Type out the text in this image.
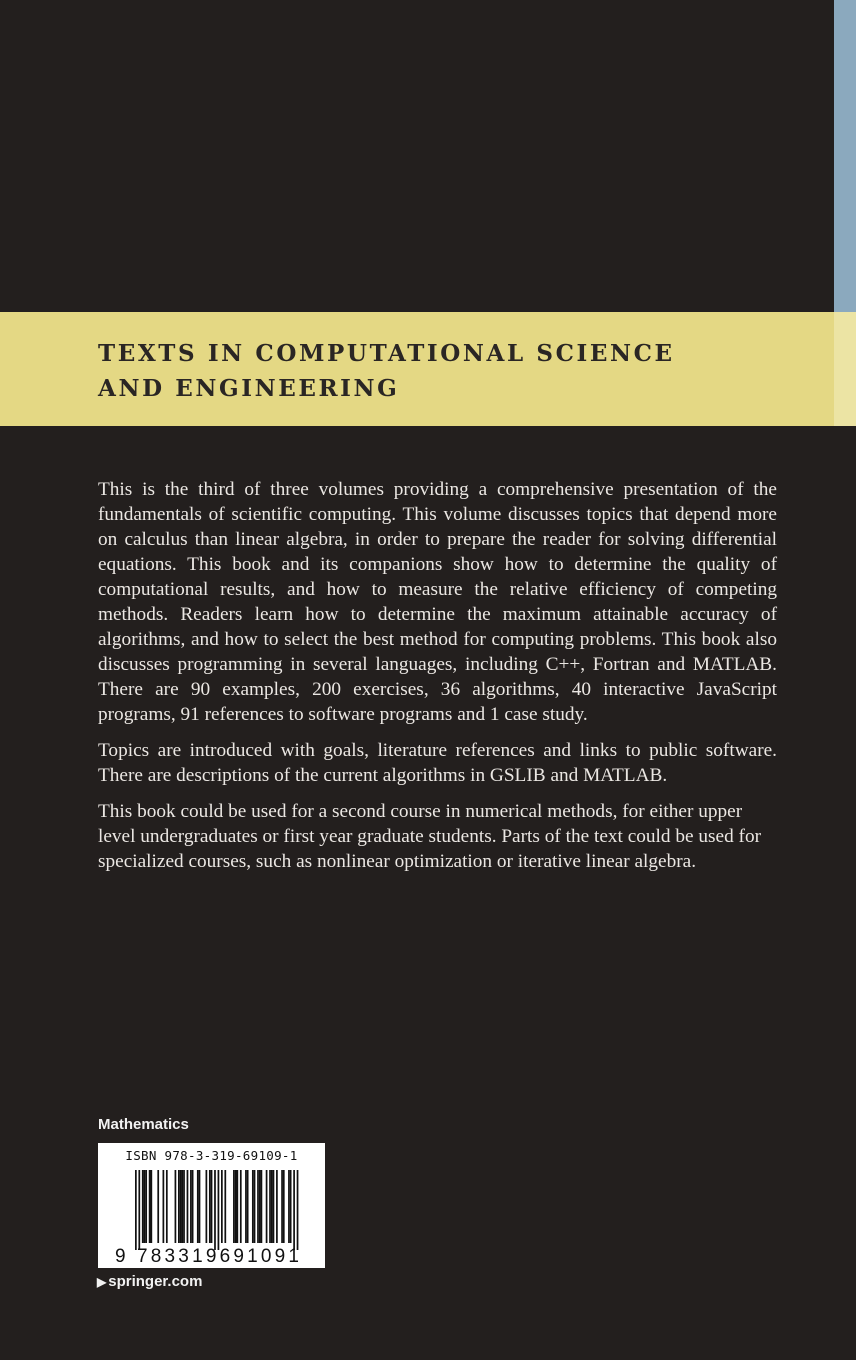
TEXTS IN COMPUTATIONAL SCIENCE
AND ENGINEERING

This is the third of three volumes providing a comprehensive presentation of the fundamentals of scientific computing. This volume discusses topics that depend more on calculus than linear algebra, in order to prepare the reader for solving differential equations. This book and its companions show how to determine the quality of computational results, and how to measure the relative efficiency of competing methods. Readers learn how to determine the maximum attainable accuracy of algorithms, and how to select the best method for computing problems. This book also discusses programming in several languages, including C++, Fortran and MATLAB. There are 90 examples, 200 exercises, 36 algorithms, 40 interactive JavaScript programs, 91 references to software programs and 1 case study.

Topics are introduced with goals, literature references and links to public software. There are descriptions of the current algorithms in GSLIB and MATLAB.

This book could be used for a second course in numerical methods, for either upper level undergraduates or first year graduate students. Parts of the text could be used for specialized courses, such as nonlinear optimization or iterative linear algebra.

Mathematics
ISBN 978-3-319-69109-1
9 783319691091
▶ springer.com
